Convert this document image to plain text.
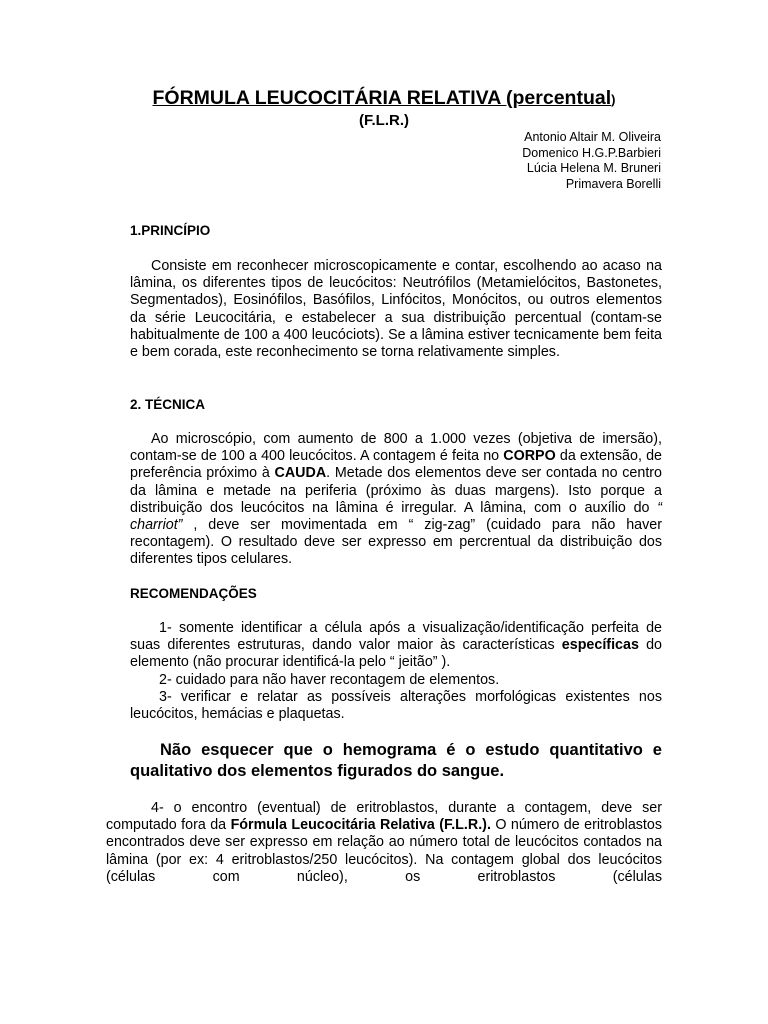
FÓRMULA LEUCOCITÁRIA RELATIVA (percentual)
(F.L.R.)
Antonio Altair M. Oliveira
Domenico H.G.P.Barbieri
Lúcia Helena M. Bruneri
Primavera Borelli
1.PRINCÍPIO

Consiste em reconhecer microscopicamente e contar, escolhendo ao acaso na lâmina, os diferentes tipos de leucócitos: Neutrófilos (Metamielócitos, Bastonetes, Segmentados), Eosinófilos, Basófilos, Linfócitos, Monócitos, ou outros elementos da série Leucocitária, e estabelecer a sua distribuição percentual (contam-se habitualmente de 100 a 400 leucóciots). Se a lâmina estiver tecnicamente bem feita e bem corada, este reconhecimento se torna relativamente simples.

2. TÉCNICA

Ao microscópio, com aumento de 800 a 1.000 vezes (objetiva de imersão), contam-se de 100 a 400 leucócitos. A contagem é feita no CORPO da extensão, de preferência próximo à CAUDA. Metade dos elementos deve ser contada no centro da lâmina e metade na periferia (próximo às duas margens). Isto porque a distribuição dos leucócitos na lâmina é irregular. A lâmina, com o auxílio do “ charriot” , deve ser movimentada em “ zig-zag” (cuidado para não haver recontagem). O resultado deve ser expresso em percrentual da distribuição dos diferentes tipos celulares.

RECOMENDAÇÕES

1- somente identificar a célula após a visualização/identificação perfeita de suas diferentes estruturas, dando valor maior às características específicas do elemento (não procurar identificá-la pelo “ jeitão” ).

2- cuidado para não haver recontagem de elementos.

3- verificar e relatar as possíveis alterações morfológicas existentes nos leucócitos, hemácias e plaquetas.

Não esquecer que o hemograma é o estudo quantitativo e qualitativo dos elementos figurados do sangue.

4- o encontro (eventual) de eritroblastos, durante a contagem, deve ser computado fora da Fórmula Leucocitária Relativa (F.L.R.). O número de eritroblastos encontrados deve ser expresso em relação ao número total de leucócitos contados na lâmina (por ex: 4 eritroblastos/250 leucócitos). Na contagem global dos leucócitos (células com núcleo), os eritroblastos (células
